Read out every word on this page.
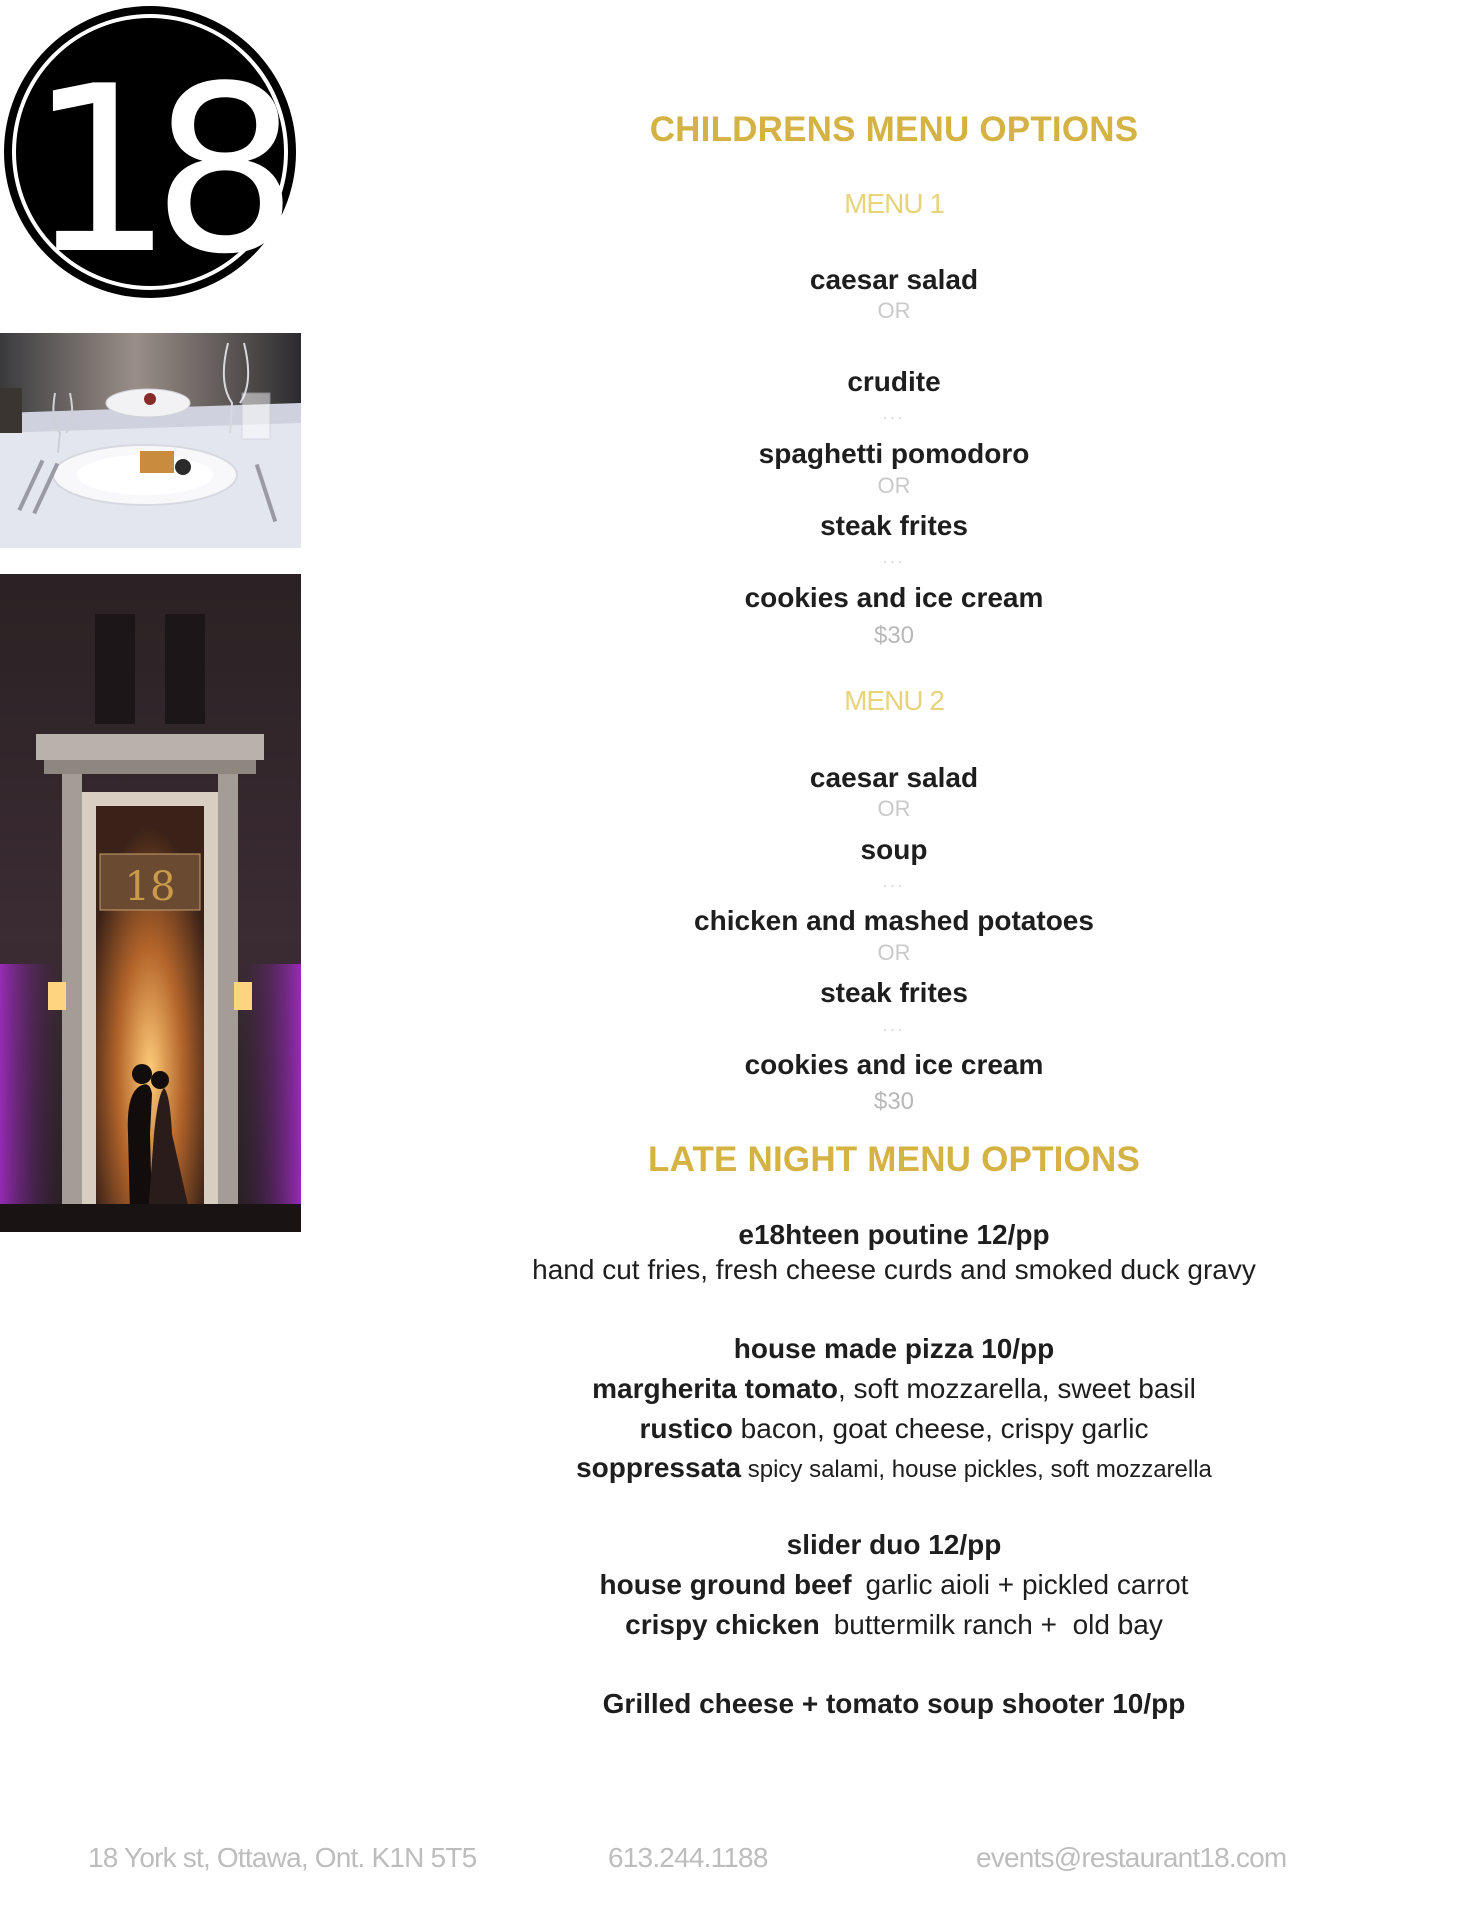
18
18
CHILDRENS MENU OPTIONS
MENU 1
caesar salad
OR
crudite
...
spaghetti pomodoro
OR
steak frites
...
cookies and ice cream
$30
MENU 2
caesar salad
OR
soup
...
chicken and mashed potatoes
OR
steak frites
...
cookies and ice cream
$30
LATE NIGHT MENU OPTIONS
e18hteen poutine 12/pp
hand cut fries, fresh cheese curds and smoked duck gravy
house made pizza 10/pp
margherita tomato, soft mozzarella, sweet basil
rustico bacon, goat cheese, crispy garlic
soppressata spicy salami, house pickles, soft mozzarella
slider duo 12/pp
house ground beef garlic aioli + pickled carrot
crispy chicken buttermilk ranch +  old bay
Grilled cheese + tomato soup shooter 10/pp
18 York st, Ottawa, Ont. K1N 5T5	613.244.1188	events@restaurant18.com
